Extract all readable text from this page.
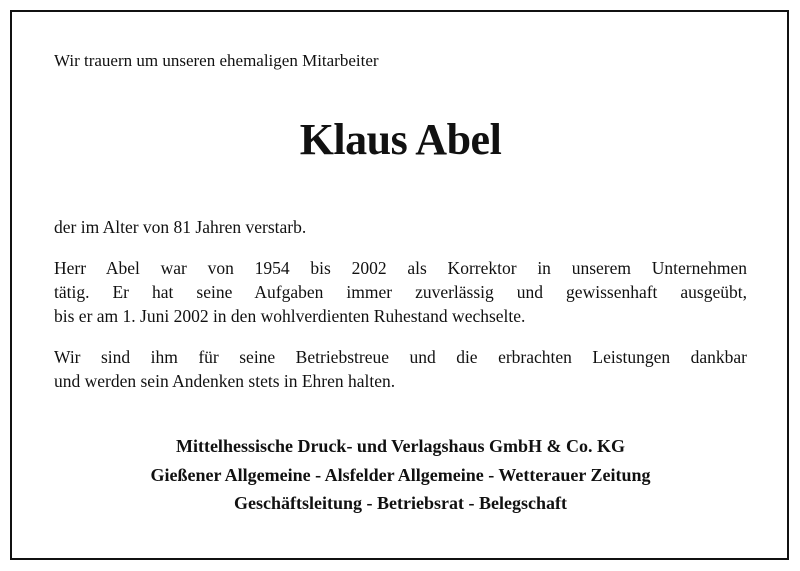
Wir trauern um unseren ehemaligen Mitarbeiter
Klaus Abel
der im Alter von 81 Jahren verstarb.
Herr Abel war von 1954 bis 2002 als Korrektor in unserem Unternehmen
tätig. Er hat seine Aufgaben immer zuverlässig und gewissenhaft ausgeübt,
bis er am 1. Juni 2002 in den wohlverdienten Ruhestand wechselte.
Wir sind ihm für seine Betriebstreue und die erbrachten Leistungen dankbar
und werden sein Andenken stets in Ehren halten.
Mittelhessische Druck- und Verlagshaus GmbH & Co. KG
Gießener Allgemeine - Alsfelder Allgemeine - Wetterauer Zeitung
Geschäftsleitung - Betriebsrat - Belegschaft
